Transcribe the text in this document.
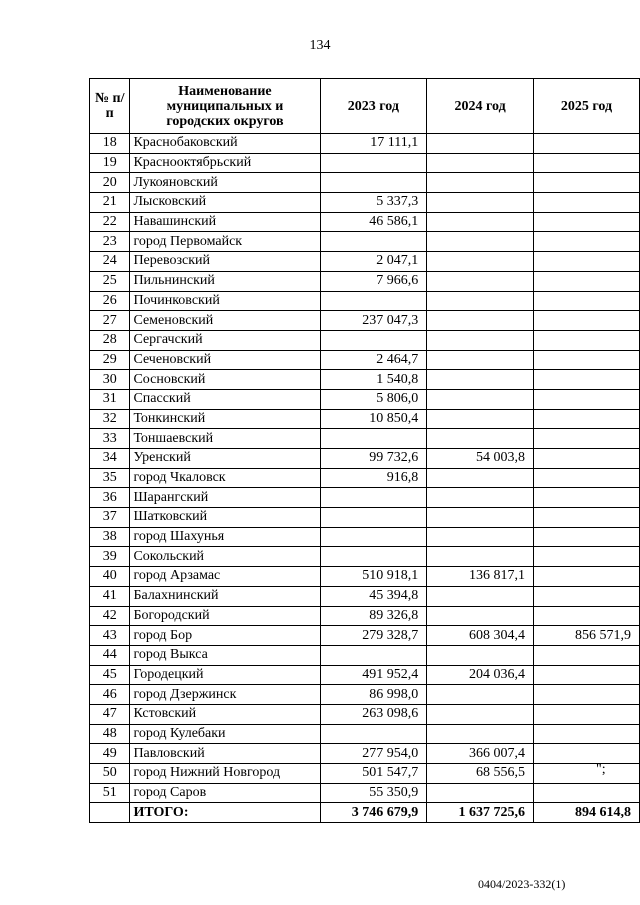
134
№ п/п	Наименование муниципальных и городских округов	2023 год	2024 год	2025 год
18	Краснобаковский	17 111,1		
19	Краснооктябрьский			
20	Лукояновский			
21	Лысковский	5 337,3		
22	Навашинский	46 586,1		
23	город Первомайск			
24	Перевозский	2 047,1		
25	Пильнинский	7 966,6		
26	Починковский			
27	Семеновский	237 047,3		
28	Сергачский			
29	Сеченовский	2 464,7		
30	Сосновский	1 540,8		
31	Спасский	5 806,0		
32	Тонкинский	10 850,4		
33	Тоншаевский			
34	Уренский	99 732,6	54 003,8	
35	город Чкаловск	916,8		
36	Шарангский			
37	Шатковский			
38	город Шахунья			
39	Сокольский			
40	город Арзамас	510 918,1	136 817,1	
41	Балахнинский	45 394,8		
42	Богородский	89 326,8		
43	город Бор	279 328,7	608 304,4	856 571,9
44	город Выкса			
45	Городецкий	491 952,4	204 036,4	
46	город Дзержинск	86 998,0		
47	Кстовский	263 098,6		
48	город Кулебаки			
49	Павловский	277 954,0	366 007,4	
50	город Нижний Новгород	501 547,7	68 556,5	
51	город Саров	55 350,9		
	ИТОГО:	3 746 679,9	1 637 725,6	894 614,8
";
0404/2023-332(1)
